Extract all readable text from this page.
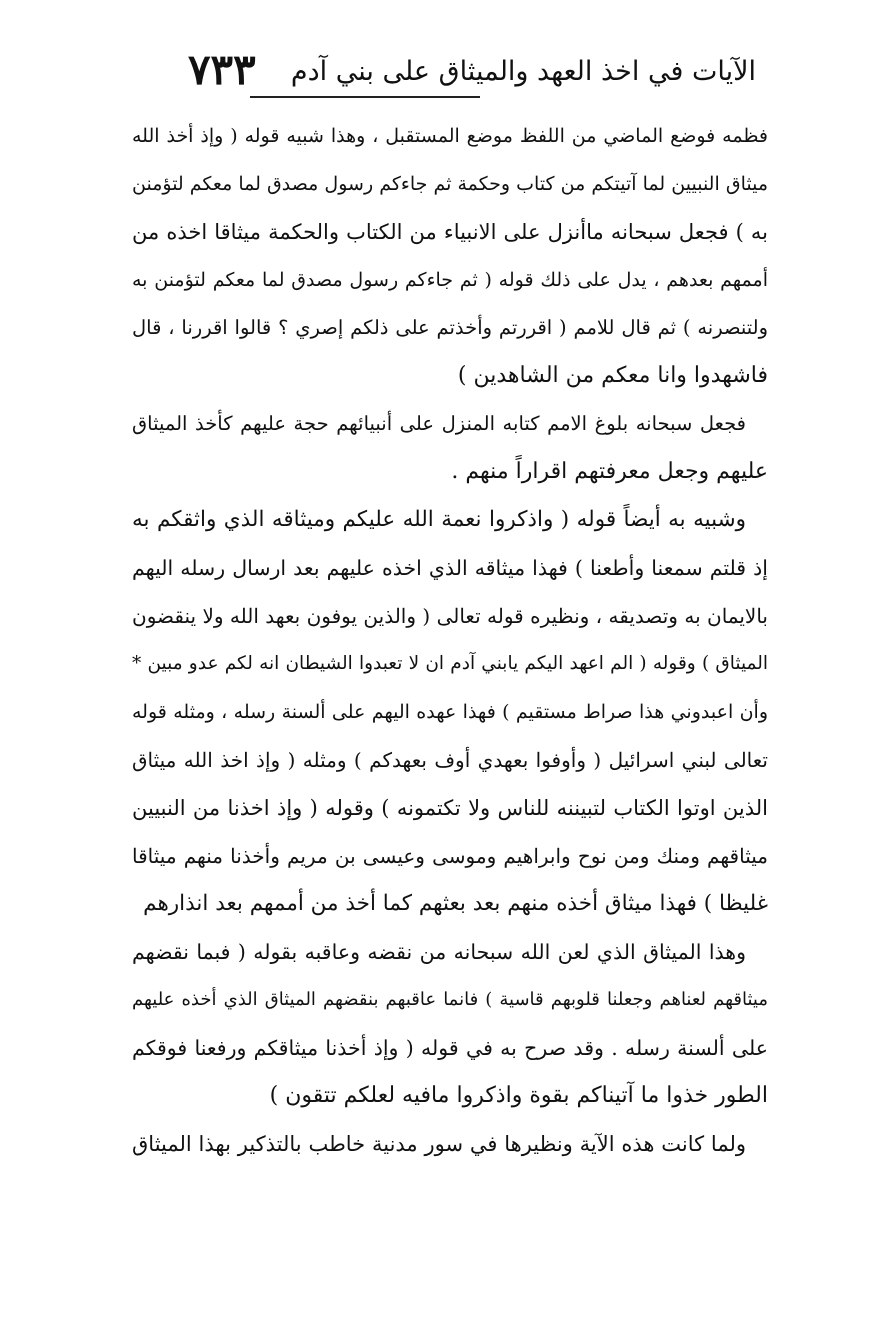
٧٣٣ الآيات في اخذ العهد والميثاق على بني آدم
فظمه فوضع الماضي من اللفظ موضع المستقبل ، وهذا شبيه قوله ( وإذ أخذ الله
ميثاق النبيين لما آتيتكم من كتاب وحكمة ثم جاءكم رسول مصدق لما معكم لتؤمنن
به ) فجعل سبحانه ماأنزل على الانبياء من الكتاب والحكمة ميثاقا اخذه من
أممهم بعدهم ، يدل على ذلك قوله ( ثم جاءكم رسول مصدق لما معكم لتؤمنن به
ولتنصرنه ) ثم قال للامم ( اقررتم وأخذتم على ذلكم إصري ؟ قالوا اقررنا ، قال
فاشهدوا وانا معكم من الشاهدين )
فجعل سبحانه بلوغ الامم كتابه المنزل على أنبيائهم حجة عليهم كأخذ الميثاق
عليهم وجعل معرفتهم اقراراً منهم .
وشبيه به أيضاً قوله ( واذكروا نعمة الله عليكم وميثاقه الذي واثقكم به
إذ قلتم سمعنا وأطعنا ) فهذا ميثاقه الذي اخذه عليهم بعد ارسال رسله اليهم
بالايمان به وتصديقه ، ونظيره قوله تعالى ( والذين يوفون بعهد الله ولا ينقضون
الميثاق ) وقوله ( الم اعهد اليكم يابني آدم ان لا تعبدوا الشيطان انه لكم عدو مبين *
وأن اعبدوني هذا صراط مستقيم ) فهذا عهده اليهم على ألسنة رسله ، ومثله قوله
تعالى لبني اسرائيل ( وأوفوا بعهدي أوف بعهدكم ) ومثله ( وإذ اخذ الله ميثاق
الذين اوتوا الكتاب لتبيننه للناس ولا تكتمونه ) وقوله ( وإذ اخذنا من النبيين
ميثاقهم ومنك ومن نوح وابراهيم وموسى وعيسى بن مريم وأخذنا منهم ميثاقا
غليظا ) فهذا ميثاق أخذه منهم بعد بعثهم كما أخذ من أممهم بعد انذارهم
وهذا الميثاق الذي لعن الله سبحانه من نقضه وعاقبه بقوله ( فبما نقضهم
ميثاقهم لعناهم وجعلنا قلوبهم قاسية ) فانما عاقبهم بنقضهم الميثاق الذي أخذه عليهم
على ألسنة رسله . وقد صرح به في قوله ( وإذ أخذنا ميثاقكم ورفعنا فوقكم
الطور خذوا ما آتيناكم بقوة واذكروا مافيه لعلكم تتقون )
ولما كانت هذه الآية ونظيرها في سور مدنية خاطب بالتذكير بهذا الميثاق
